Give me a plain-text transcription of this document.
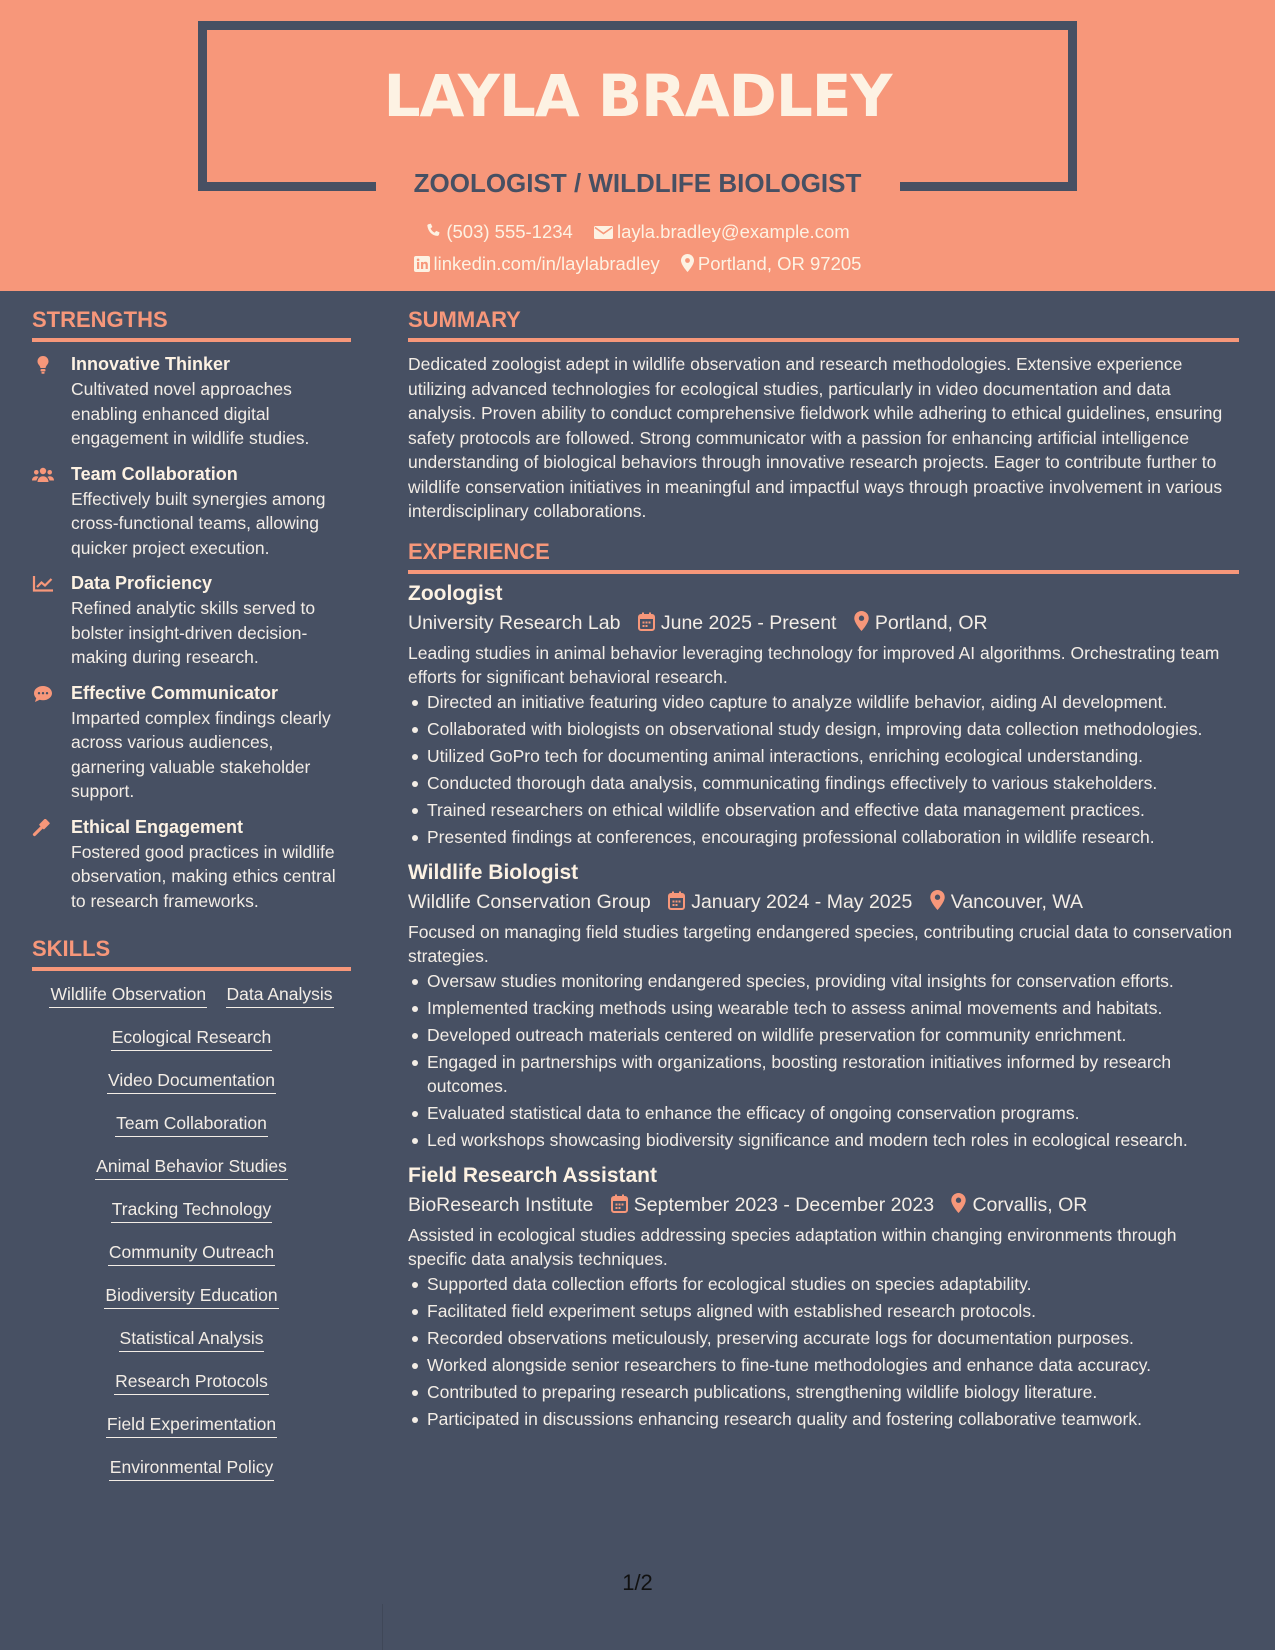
LAYLA BRADLEY
ZOOLOGIST / WILDLIFE BIOLOGIST
(503) 555-1234 layla.bradley@example.com
linkedin.com/in/laylabradley Portland, OR 97205
STRENGTHS
Innovative Thinker
Cultivated novel approaches enabling enhanced digital engagement in wildlife studies.
Team Collaboration
Effectively built synergies among cross-functional teams, allowing quicker project execution.
Data Proficiency
Refined analytic skills served to bolster insight-driven decision-making during research.
Effective Communicator
Imparted complex findings clearly across various audiences, garnering valuable stakeholder support.
Ethical Engagement
Fostered good practices in wildlife observation, making ethics central to research frameworks.
SKILLS
Wildlife Observation Data Analysis Ecological Research
Video Documentation
Team Collaboration
Animal Behavior Studies
Tracking Technology
Community Outreach
Biodiversity Education
Statistical Analysis
Research Protocols
Field Experimentation
Environmental Policy
SUMMARY
Dedicated zoologist adept in wildlife observation and research methodologies. Extensive experience utilizing advanced technologies for ecological studies, particularly in video documentation and data analysis. Proven ability to conduct comprehensive fieldwork while adhering to ethical guidelines, ensuring safety protocols are followed. Strong communicator with a passion for enhancing artificial intelligence understanding of biological behaviors through innovative research projects. Eager to contribute further to wildlife conservation initiatives in meaningful and impactful ways through proactive involvement in various interdisciplinary collaborations.
EXPERIENCE
Zoologist
University Research Lab June 2025 - Present Portland, OR
Leading studies in animal behavior leveraging technology for improved AI algorithms. Orchestrating team efforts for significant behavioral research.
Directed an initiative featuring video capture to analyze wildlife behavior, aiding AI development.
Collaborated with biologists on observational study design, improving data collection methodologies.
Utilized GoPro tech for documenting animal interactions, enriching ecological understanding.
Conducted thorough data analysis, communicating findings effectively to various stakeholders.
Trained researchers on ethical wildlife observation and effective data management practices.
Presented findings at conferences, encouraging professional collaboration in wildlife research.
Wildlife Biologist
Wildlife Conservation Group January 2024 - May 2025 Vancouver, WA
Focused on managing field studies targeting endangered species, contributing crucial data to conservation strategies.
Oversaw studies monitoring endangered species, providing vital insights for conservation efforts.
Implemented tracking methods using wearable tech to assess animal movements and habitats.
Developed outreach materials centered on wildlife preservation for community enrichment.
Engaged in partnerships with organizations, boosting restoration initiatives informed by research outcomes.
Evaluated statistical data to enhance the efficacy of ongoing conservation programs.
Led workshops showcasing biodiversity significance and modern tech roles in ecological research.
Field Research Assistant
BioResearch Institute September 2023 - December 2023 Corvallis, OR
Assisted in ecological studies addressing species adaptation within changing environments through specific data analysis techniques.
Supported data collection efforts for ecological studies on species adaptability.
Facilitated field experiment setups aligned with established research protocols.
Recorded observations meticulously, preserving accurate logs for documentation purposes.
Worked alongside senior researchers to fine-tune methodologies and enhance data accuracy.
Contributed to preparing research publications, strengthening wildlife biology literature.
Participated in discussions enhancing research quality and fostering collaborative teamwork.
1/2
